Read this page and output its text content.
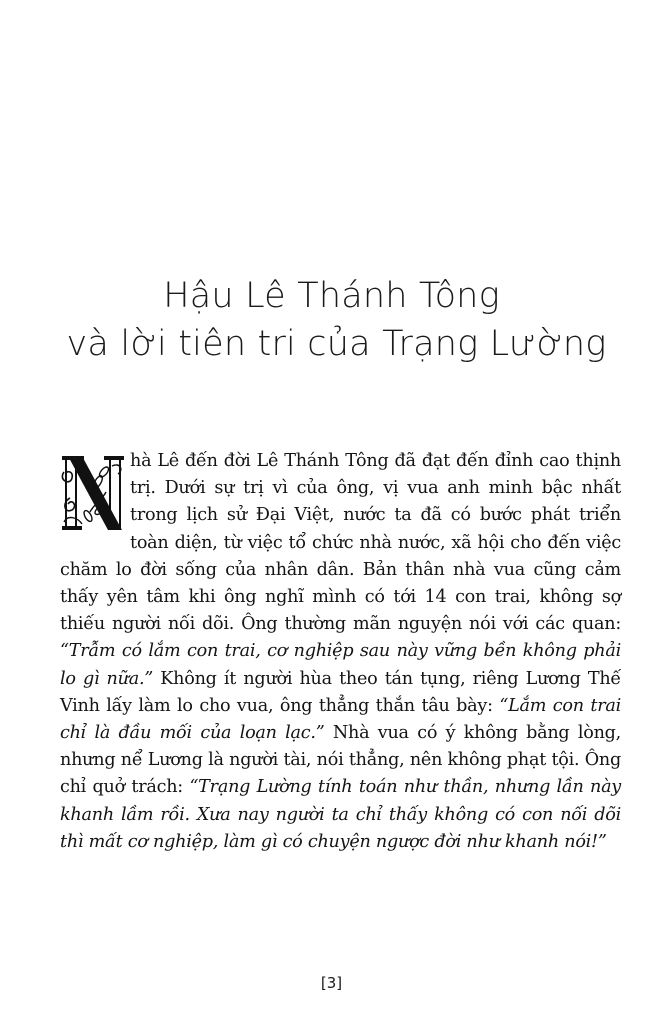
Hậu Lê Thánh Tông
và lời tiên tri của Trạng Lường
hà Lê đến đời Lê Thánh Tông đã đạt đến đỉnh cao thịnh trị. Dưới sự trị vì của ông, vị vua anh minh bậc nhất trong lịch sử Đại Việt, nước ta đã có bước phát triển toàn diện, từ việc tổ chức nhà nước, xã hội cho đến việc chăm lo đời sống của nhân dân. Bản thân nhà vua cũng cảm thấy yên tâm khi ông nghĩ mình có tới 14 con trai, không sợ thiếu người nối dõi. Ông thường mãn nguyện nói với các quan: “Trẫm có lắm con trai, cơ nghiệp sau này vững bền không phải lo gì nữa.” Không ít người hùa theo tán tụng, riêng Lương Thế Vinh lấy làm lo cho vua, ông thẳng thắn tâu bày: “Lắm con trai chỉ là đầu mối của loạn lạc.” Nhà vua có ý không bằng lòng, nhưng nể Lương là người tài, nói thẳng, nên không phạt tội. Ông chỉ quở trách: “Trạng Lường tính toán như thần, nhưng lần này khanh lầm rồi. Xưa nay người ta chỉ thấy không có con nối dõi thì mất cơ nghiệp, làm gì có chuyện ngược đời như khanh nói!”
[3]
